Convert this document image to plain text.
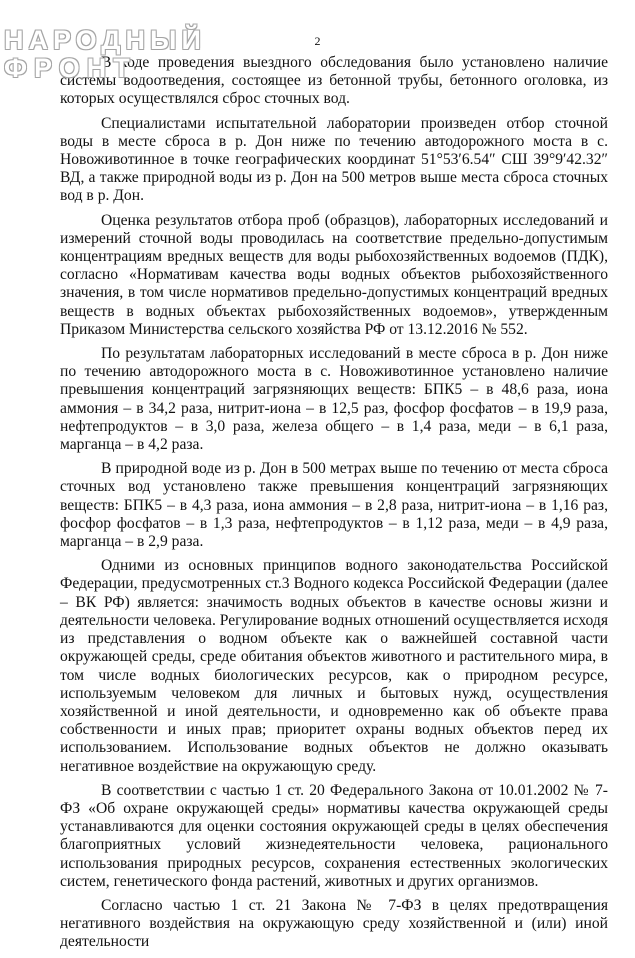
НАРОДНЫЙ
ФРОНТ
2

В ходе проведения выездного обследования было установлено наличие системы водоотведения, состоящее из бетонной трубы, бетонного оголовка, из которых осуществлялся сброс сточных вод.

Специалистами испытательной лаборатории произведен отбор сточной воды в месте сброса в р. Дон ниже по течению автодорожного моста в с. Новоживотинное в точке географических координат 51°53′6.54″ СШ 39°9′42.32″ ВД, а также природной воды из р. Дон на 500 метров выше места сброса сточных вод в р. Дон.

Оценка результатов отбора проб (образцов), лабораторных исследований и измерений сточной воды проводилась на соответствие предельно-допустимым концентрациям вредных веществ для воды рыбохозяйственных водоемов (ПДК), согласно «Нормативам качества воды водных объектов рыбохозяйственного значения, в том числе нормативов предельно-допустимых концентраций вредных веществ в водных объектах рыбохозяйственных водоемов», утвержденным Приказом Министерства сельского хозяйства РФ от 13.12.2016 № 552.

По результатам лабораторных исследований в месте сброса в р. Дон ниже по течению автодорожного моста в с. Новоживотинное установлено наличие превышения концентраций загрязняющих веществ: БПК5 – в 48,6 раза, иона аммония – в 34,2 раза, нитрит-иона – в 12,5 раз, фосфор фосфатов – в 19,9 раза, нефтепродуктов – в 3,0 раза, железа общего – в 1,4 раза, меди – в 6,1 раза, марганца – в 4,2 раза.

В природной воде из р. Дон в 500 метрах выше по течению от места сброса сточных вод установлено также превышения концентраций загрязняющих веществ: БПК5 – в 4,3 раза, иона аммония – в 2,8 раза, нитрит-иона – в 1,16 раз, фосфор фосфатов – в 1,3 раза, нефтепродуктов – в 1,12 раза, меди – в 4,9 раза, марганца – в 2,9 раза.

Одними из основных принципов водного законодательства Российской Федерации, предусмотренных ст.3 Водного кодекса Российской Федерации (далее – ВК РФ) является: значимость водных объектов в качестве основы жизни и деятельности человека. Регулирование водных отношений осуществляется исходя из представления о водном объекте как о важнейшей составной части окружающей среды, среде обитания объектов животного и растительного мира, в том числе водных биологических ресурсов, как о природном ресурсе, используемым человеком для личных и бытовых нужд, осуществления хозяйственной и иной деятельности, и одновременно как об объекте права собственности и иных прав; приоритет охраны водных объектов перед их использованием. Использование водных объектов не должно оказывать негативное воздействие на окружающую среду.

В соответствии с частью 1 ст. 20 Федерального Закона от 10.01.2002 № 7-ФЗ «Об охране окружающей среды» нормативы качества окружающей среды устанавливаются для оценки состояния окружающей среды в целях обеспечения благоприятных условий жизнедеятельности человека, рационального использования природных ресурсов, сохранения естественных экологических систем, генетического фонда растений, животных и других организмов.

Согласно частью 1 ст. 21 Закона № 7-ФЗ в целях предотвращения негативного воздействия на окружающую среду хозяйственной и (или) иной деятельности
